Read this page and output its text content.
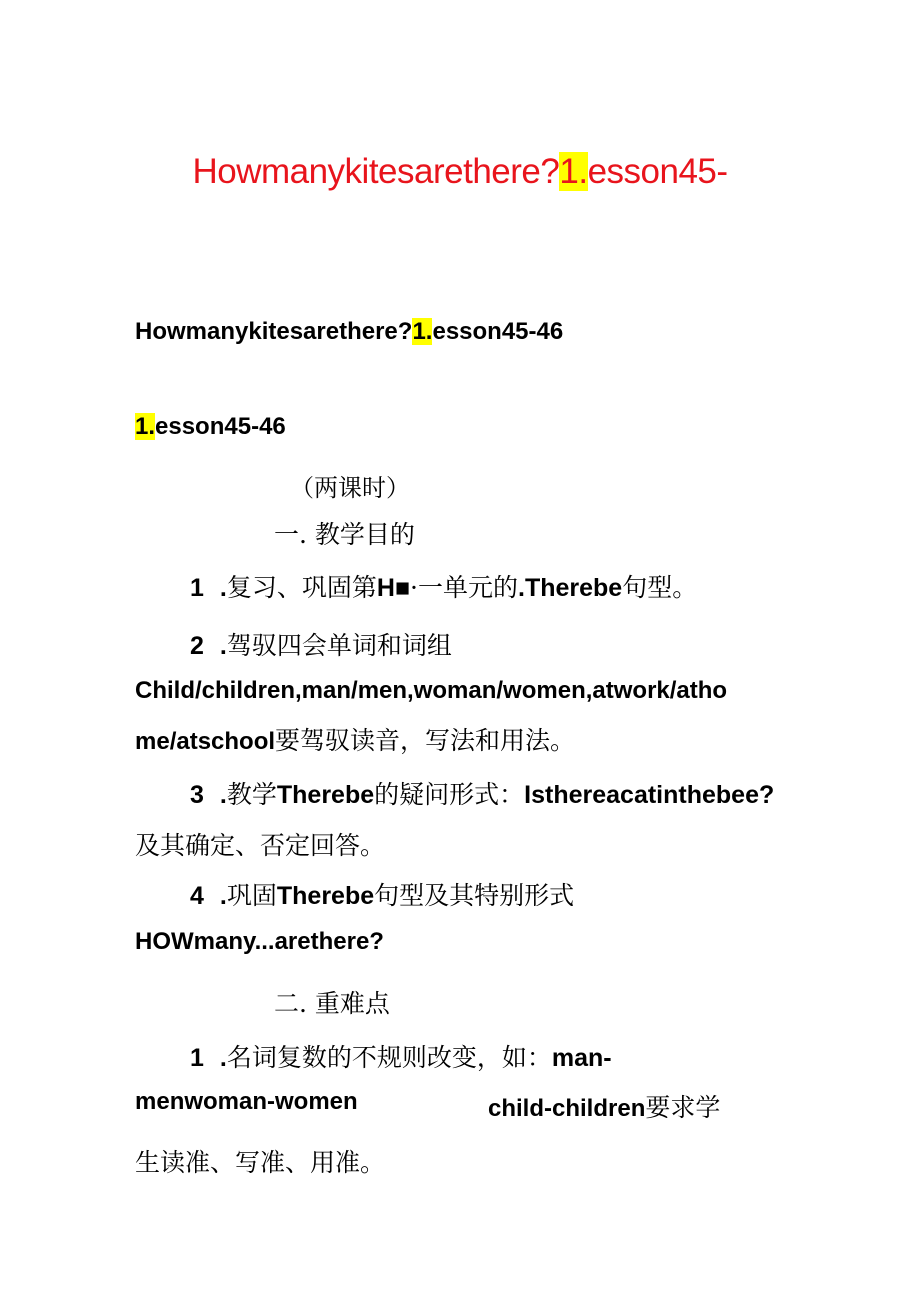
Howmanykitesarethere?1.esson45-
Howmanykitesarethere?1.esson45-46
1.esson45-46
（两课时）
一. 教学目的
1 .复习、巩固第H■·一单元的.Therebe句型。
2 .驾驭四会单词和词组
Child/children,man/men,woman/women,atwork/atho
me/atschool要驾驭读音，写法和用法。
3 .教学Therebe的疑问形式：Isthereacatinthebee?
及其确定、否定回答。
4 .巩固Therebe句型及其特别形式
HOWmany...arethere?
二. 重难点
1 .名词复数的不规则改变，如：man-
menwoman-women	child-children要求学
生读准、写准、用准。
